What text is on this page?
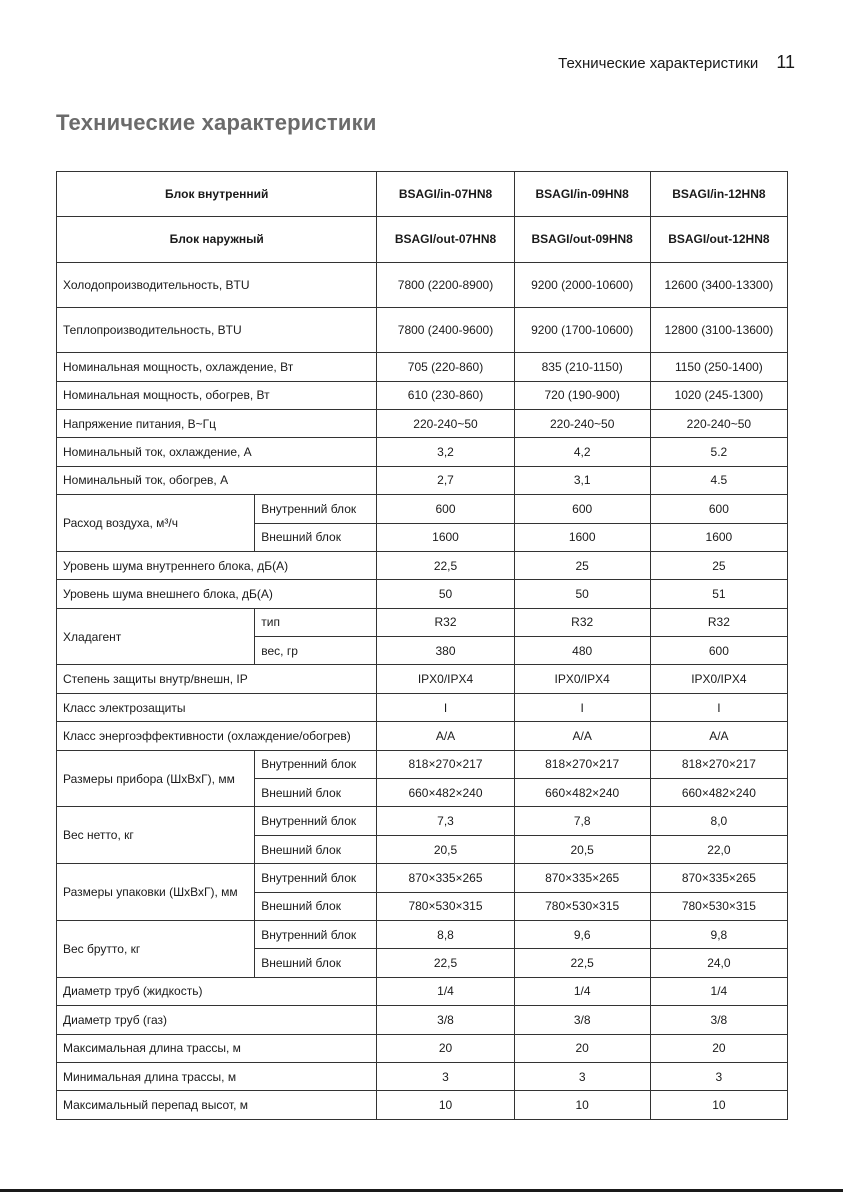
Технические характеристики 11
Технические характеристики
Блок внутренний		BSAGI/in-07HN8	BSAGI/in-09HN8	BSAGI/in-12HN8
Блок наружный		BSAGI/out-07HN8	BSAGI/out-09HN8	BSAGI/out-12HN8
Холодопроизводительность, BTU		7800 (2200-8900)	9200 (2000-10600)	12600 (3400-13300)
Теплопроизводительность, BTU		7800 (2400-9600)	9200 (1700-10600)	12800 (3100-13600)
Номинальная мощность, охлаждение, Вт		705 (220-860)	835 (210-1150)	1150 (250-1400)
Номинальная мощность, обогрев, Вт		610 (230-860)	720 (190-900)	1020 (245-1300)
Напряжение питания, В~Гц		220-240~50	220-240~50	220-240~50
Номинальный ток, охлаждение, А		3,2	4,2	5.2
Номинальный ток, обогрев, А		2,7	3,1	4.5
Расход воздуха, м³/ч	Внутренний блок	600	600	600
	Внешний блок	1600	1600	1600
Уровень шума внутреннего блока, дБ(А)		22,5	25	25
Уровень шума внешнего блока, дБ(А)		50	50	51
Хладагент	тип	R32	R32	R32
	вес, гр	380	480	600
Степень защиты внутр/внешн, IP		IPX0/IPX4	IPX0/IPX4	IPX0/IPX4
Класс электрозащиты		I	I	I
Класс энергоэффективности (охлаждение/обогрев)		A/A	A/A	A/A
Размеры прибора (ШхВхГ), мм	Внутренний блок	818×270×217	818×270×217	818×270×217
	Внешний блок	660×482×240	660×482×240	660×482×240
Вес нетто, кг	Внутренний блок	7,3	7,8	8,0
	Внешний блок	20,5	20,5	22,0
Размеры упаковки (ШхВхГ), мм	Внутренний блок	870×335×265	870×335×265	870×335×265
	Внешний блок	780×530×315	780×530×315	780×530×315
Вес брутто, кг	Внутренний блок	8,8	9,6	9,8
	Внешний блок	22,5	22,5	24,0
Диаметр труб (жидкость)		1/4	1/4	1/4
Диаметр труб (газ)		3/8	3/8	3/8
Максимальная длина трассы, м		20	20	20
Минимальная длина трассы, м		3	3	3
Максимальный перепад высот, м		10	10	10
